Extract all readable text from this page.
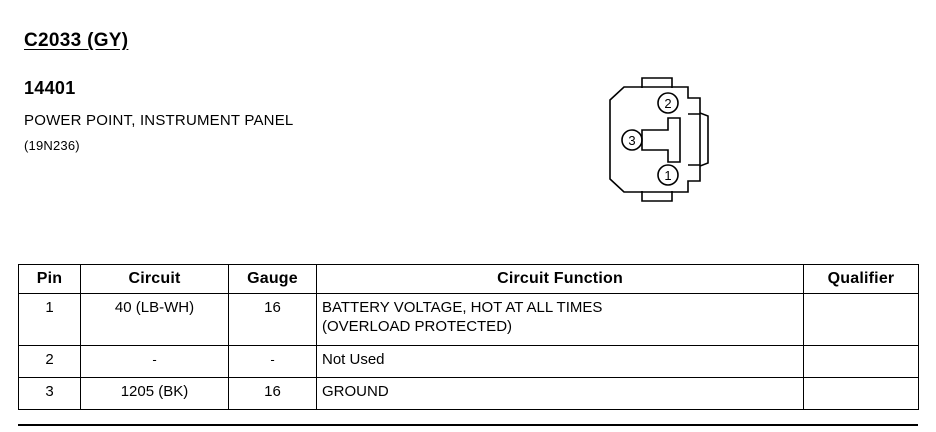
C2033 (GY)
14401
POWER POINT, INSTRUMENT PANEL
(19N236)
2
1
3
Pin	Circuit	Gauge	Circuit Function	Qualifier

1	40 (LB-WH)	16	BATTERY VOLTAGE, HOT AT ALL TIMES
(OVERLOAD PROTECTED)	

2	-	-	Not Used	

3	1205 (BK)	16	GROUND	
